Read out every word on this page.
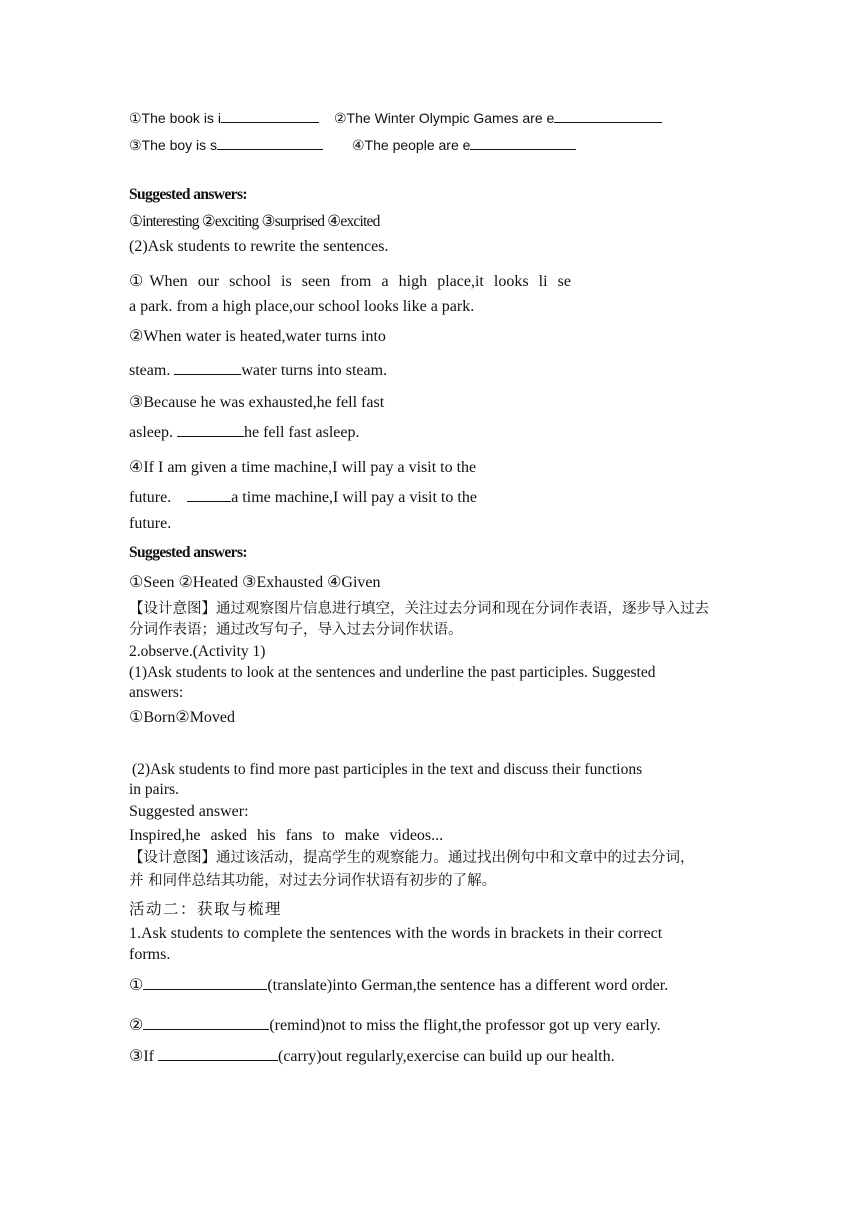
①The book is i	②The Winter Olympic Games are e
③The boy is s	④The people are e
Suggested answers:
①interesting ②exciting ③surprised ④excited
(2)Ask students to rewrite the sentences.
①When our school is seen from a high place,it looks li se
a park. from a high place,our school looks like a park.
②When water is heated,water turns into
steam.	water turns into steam.
③Because he was exhausted,he fell fast
asleep.	he fell fast asleep.
④If I am given a time machine,I will pay a visit to the
future.	a time machine,I will pay a visit to the
future.
Suggested answers:
①Seen ②Heated ③Exhausted ④Given
【设计意图】通过观察图片信息进行填空，关注过去分词和现在分词作表语，逐步导入过去
分词作表语；通过改写句子，导入过去分词作状语。
2.observe.(Activity 1)
(1)Ask students to look at the sentences and underline the past participles. Suggested
answers:
①Born②Moved
(2)Ask students to find more past participles in the text and discuss their functions
in pairs.
Suggested answer:
Inspired,he asked his fans to make videos...
【设计意图】通过该活动，提高学生的观察能力。通过找出例句中和文章中的过去分词，
并 和同伴总结其功能，对过去分词作状语有初步的了解。
活动二：获取与梳理
1.Ask students to complete the sentences with the words in brackets in their correct
forms.
①	(translate)into German,the sentence has a different word order.
②	(remind)not to miss the flight,the professor got up very early.
③If	(carry)out regularly,exercise can build up our health.
